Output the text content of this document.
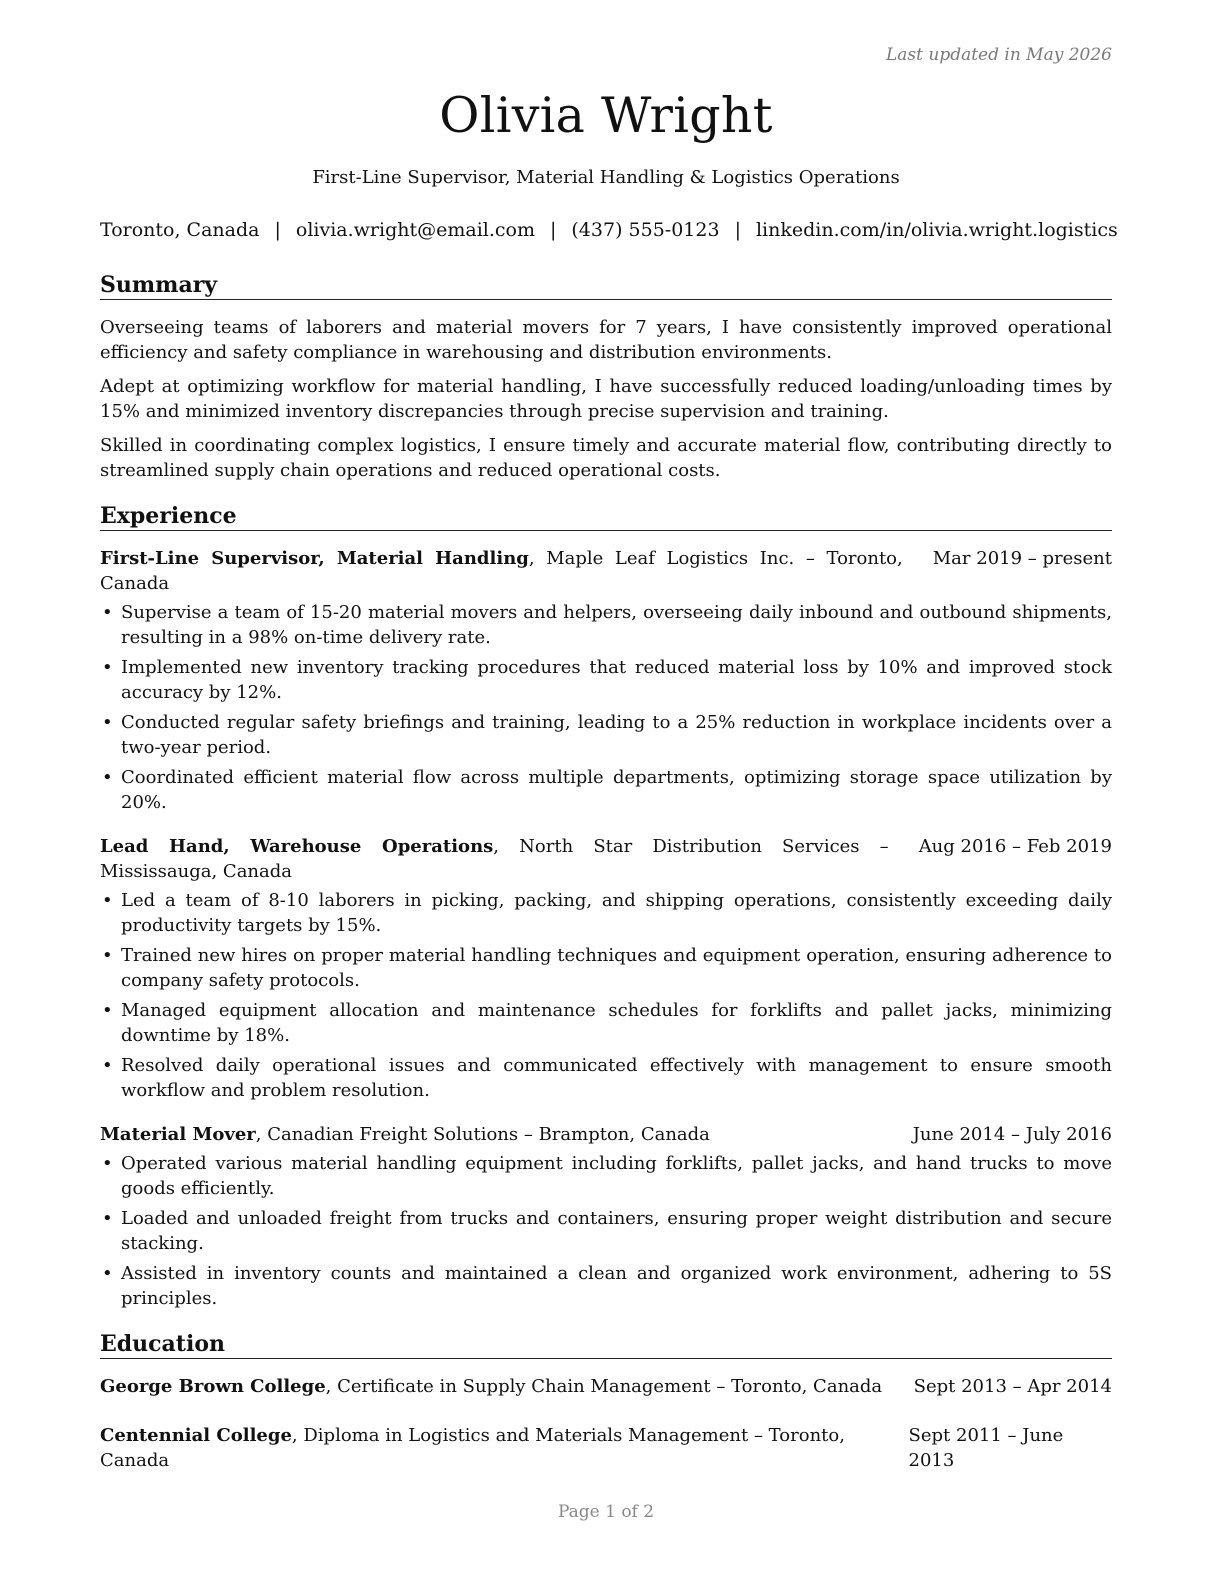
Last updated in May 2026
Olivia Wright
First-Line Supervisor, Material Handling & Logistics Operations
Toronto, Canada | olivia.wright@email.com | (437) 555-0123 | linkedin.com/in/olivia.wright.logistics
Summary

Overseeing teams of laborers and material movers for 7 years, I have consistently improved operational efficiency and safety compliance in warehousing and distribution environments.

Adept at optimizing workflow for material handling, I have successfully reduced loading/unloading times by 15% and minimized inventory discrepancies through precise supervision and training.

Skilled in coordinating complex logistics, I ensure timely and accurate material flow, contributing directly to streamlined supply chain operations and reduced operational costs.

Experience
First-Line Supervisor, Material Handling, Maple Leaf Logistics Inc. – Toronto, Canada
Mar 2019 – present
• Supervise a team of 15-20 material movers and helpers, overseeing daily inbound and outbound shipments, resulting in a 98% on-time delivery rate.
• Implemented new inventory tracking procedures that reduced material loss by 10% and improved stock accuracy by 12%.
• Conducted regular safety briefings and training, leading to a 25% reduction in workplace incidents over a two-year period.
• Coordinated efficient material flow across multiple departments, optimizing storage space utilization by 20%.
Lead Hand, Warehouse Operations, North Star Distribution Services – Mississauga, Canada
Aug 2016 – Feb 2019
• Led a team of 8-10 laborers in picking, packing, and shipping operations, consistently exceeding daily productivity targets by 15%.
• Trained new hires on proper material handling techniques and equipment operation, ensuring adherence to company safety protocols.
• Managed equipment allocation and maintenance schedules for forklifts and pallet jacks, minimizing downtime by 18%.
• Resolved daily operational issues and communicated effectively with management to ensure smooth workflow and problem resolution.
Material Mover, Canadian Freight Solutions – Brampton, Canada	June 2014 – July 2016
• Operated various material handling equipment including forklifts, pallet jacks, and hand trucks to move goods efficiently.
• Loaded and unloaded freight from trucks and containers, ensuring proper weight distribution and secure stacking.
• Assisted in inventory counts and maintained a clean and organized work environment, adhering to 5S principles.
Education
George Brown College, Certificate in Supply Chain Management – Toronto, Canada Sept 2013 – Apr 2014
Centennial College, Diploma in Logistics and Materials Management – Toronto, Canada
Sept 2011 – June 2013
Page 1 of 2
